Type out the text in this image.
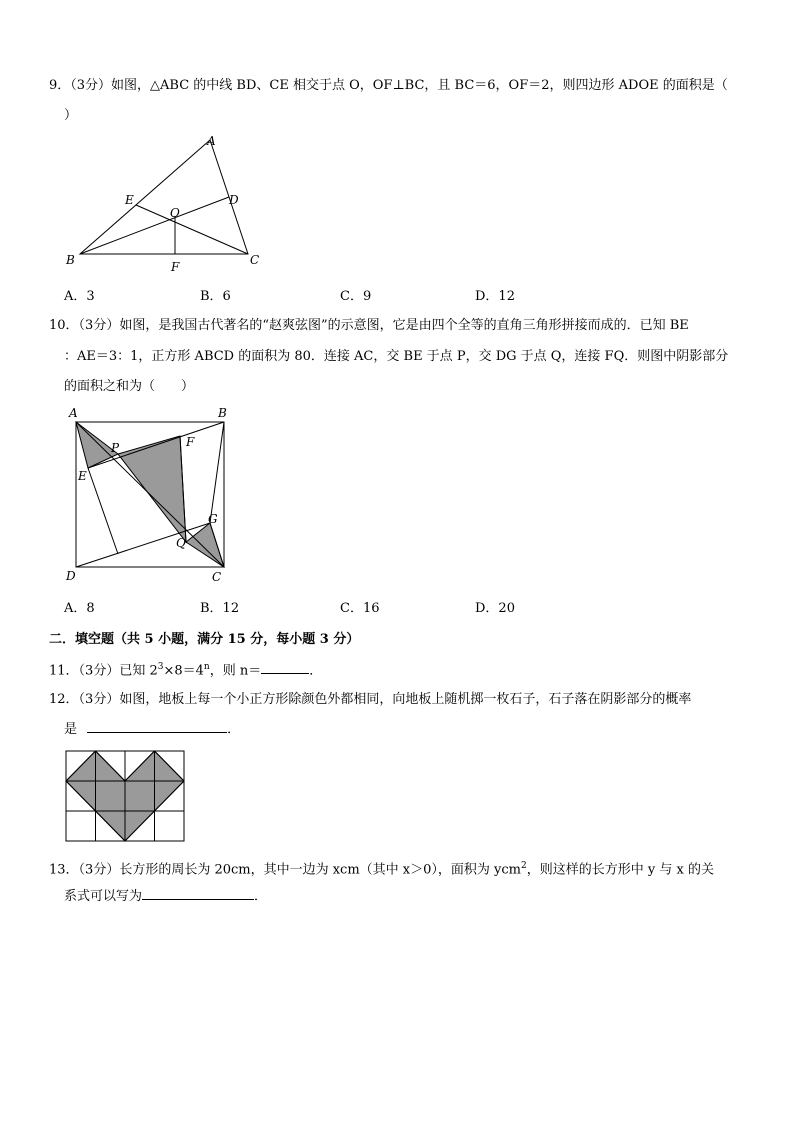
9．（3分）如图，△ABC 的中线 BD、CE 相交于点 O，OF⊥BC，且 BC＝6，OF＝2，则四边形 ADOE 的面积是（
）
A
B	C
D
E
O
F
A．3	B．6	C．9	D．12
10．（3分）如图，是我国古代著名的“赵爽弦图”的示意图，它是由四个全等的直角三角形拼接而成的．已知 BE
：AE＝3：1，正方形 ABCD 的面积为 80．连接 AC，交 BE 于点 P，交 DG 于点 Q，连接 FQ．则图中阴影部分
的面积之和为（　　）
A	B
C
D
E
F
G
P
Q
A．8	B．12	C．16	D．20
二．填空题（共 5 小题，满分 15 分，每小题 3 分）
11．（3分）已知 $2^3\times 8=4^n$，则 n＝	．
12．（3分）如图，地板上每一个小正方形除颜色外都相同，向地板上随机掷一枚石子，石子落在阴影部分的概率
是	．
13．（3分）长方形的周长为 20cm，其中一边为 xcm（其中 x＞0），面积为 ycm$^2$，则这样的长方形中 y 与 x 的关
系式可以写为	．
